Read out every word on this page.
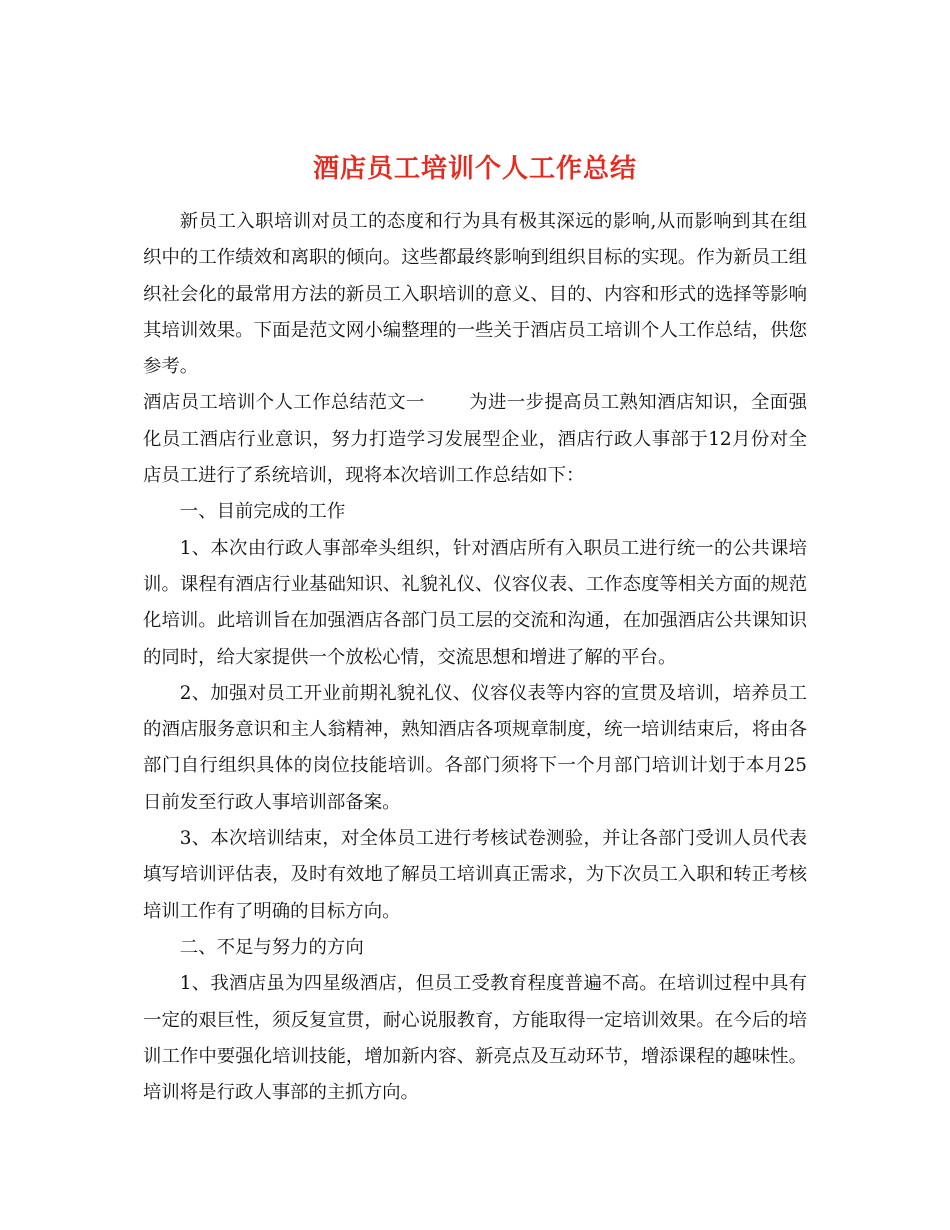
酒店员工培训个人工作总结

新员工入职培训对员工的态度和行为具有极其深远的影响,从而影响到其在组织中的工作绩效和离职的倾向。这些都最终影响到组织目标的实现。作为新员工组织社会化的最常用方法的新员工入职培训的意义、目的、内容和形式的选择等影响其培训效果。下面是范文网小编整理的一些关于酒店员工培训个人工作总结，供您参考。

酒店员工培训个人工作总结范文一 为进一步提高员工熟知酒店知识，全面强化员工酒店行业意识，努力打造学习发展型企业，酒店行政人事部于12月份对全店员工进行了系统培训，现将本次培训工作总结如下：

一、目前完成的工作

1、本次由行政人事部牵头组织，针对酒店所有入职员工进行统一的公共课培训。课程有酒店行业基础知识、礼貌礼仪、仪容仪表、工作态度等相关方面的规范化培训。此培训旨在加强酒店各部门员工层的交流和沟通，在加强酒店公共课知识的同时，给大家提供一个放松心情，交流思想和增进了解的平台。

2、加强对员工开业前期礼貌礼仪、仪容仪表等内容的宣贯及培训，培养员工的酒店服务意识和主人翁精神，熟知酒店各项规章制度，统一培训结束后，将由各部门自行组织具体的岗位技能培训。各部门须将下一个月部门培训计划于本月25日前发至行政人事培训部备案。

3、本次培训结束，对全体员工进行考核试卷测验，并让各部门受训人员代表填写培训评估表，及时有效地了解员工培训真正需求，为下次员工入职和转正考核培训工作有了明确的目标方向。

二、不足与努力的方向

1、我酒店虽为四星级酒店，但员工受教育程度普遍不高。在培训过程中具有一定的艰巨性，须反复宣贯，耐心说服教育，方能取得一定培训效果。在今后的培训工作中要强化培训技能，增加新内容、新亮点及互动环节，增添课程的趣味性。培训将是行政人事部的主抓方向。
